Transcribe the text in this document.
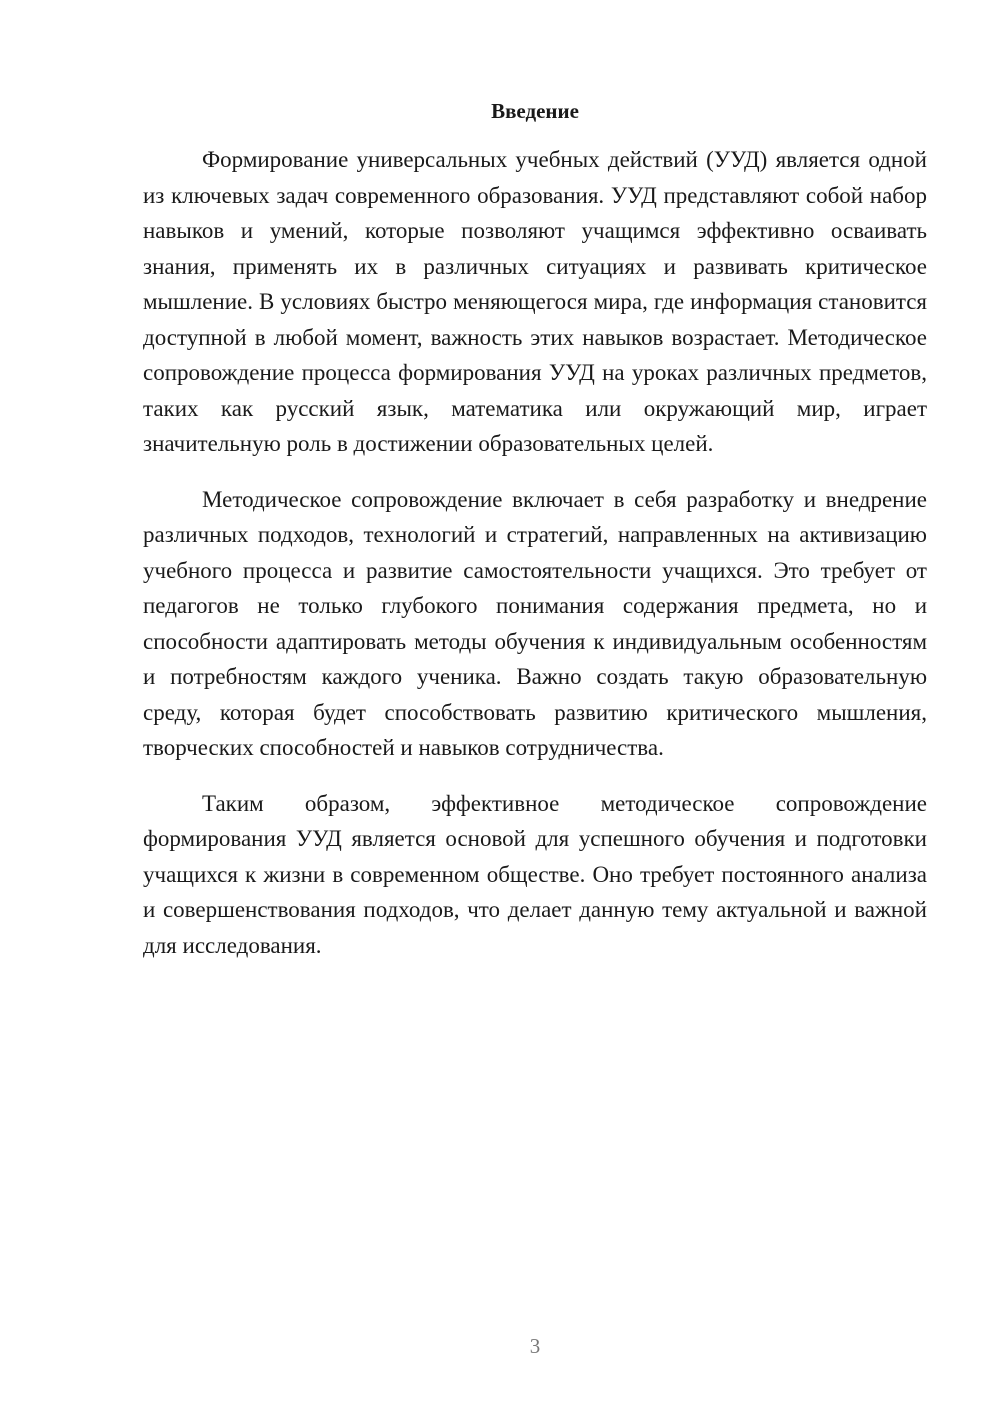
Введение

Формирование универсальных учебных действий (УУД) является одной из ключевых задач современного образования. УУД представляют собой набор навыков и умений, которые позволяют учащимся эффективно осваивать знания, применять их в различных ситуациях и развивать критическое мышление. В условиях быстро меняющегося мира, где информация становится доступной в любой момент, важность этих навыков возрастает. Методическое сопровождение процесса формирования УУД на уроках различных предметов, таких как русский язык, математика или окружающий мир, играет значительную роль в достижении образовательных целей.

Методическое сопровождение включает в себя разработку и внедрение различных подходов, технологий и стратегий, направленных на активизацию учебного процесса и развитие самостоятельности учащихся. Это требует от педагогов не только глубокого понимания содержания предмета, но и способности адаптировать методы обучения к индивидуальным особенностям и потребностям каждого ученика. Важно создать такую образовательную среду, которая будет способствовать развитию критического мышления, творческих способностей и навыков сотрудничества.

Таким образом, эффективное методическое сопровождение формирования УУД является основой для успешного обучения и подготовки учащихся к жизни в современном обществе. Оно требует постоянного анализа и совершенствования подходов, что делает данную тему актуальной и важной для исследования.

3
